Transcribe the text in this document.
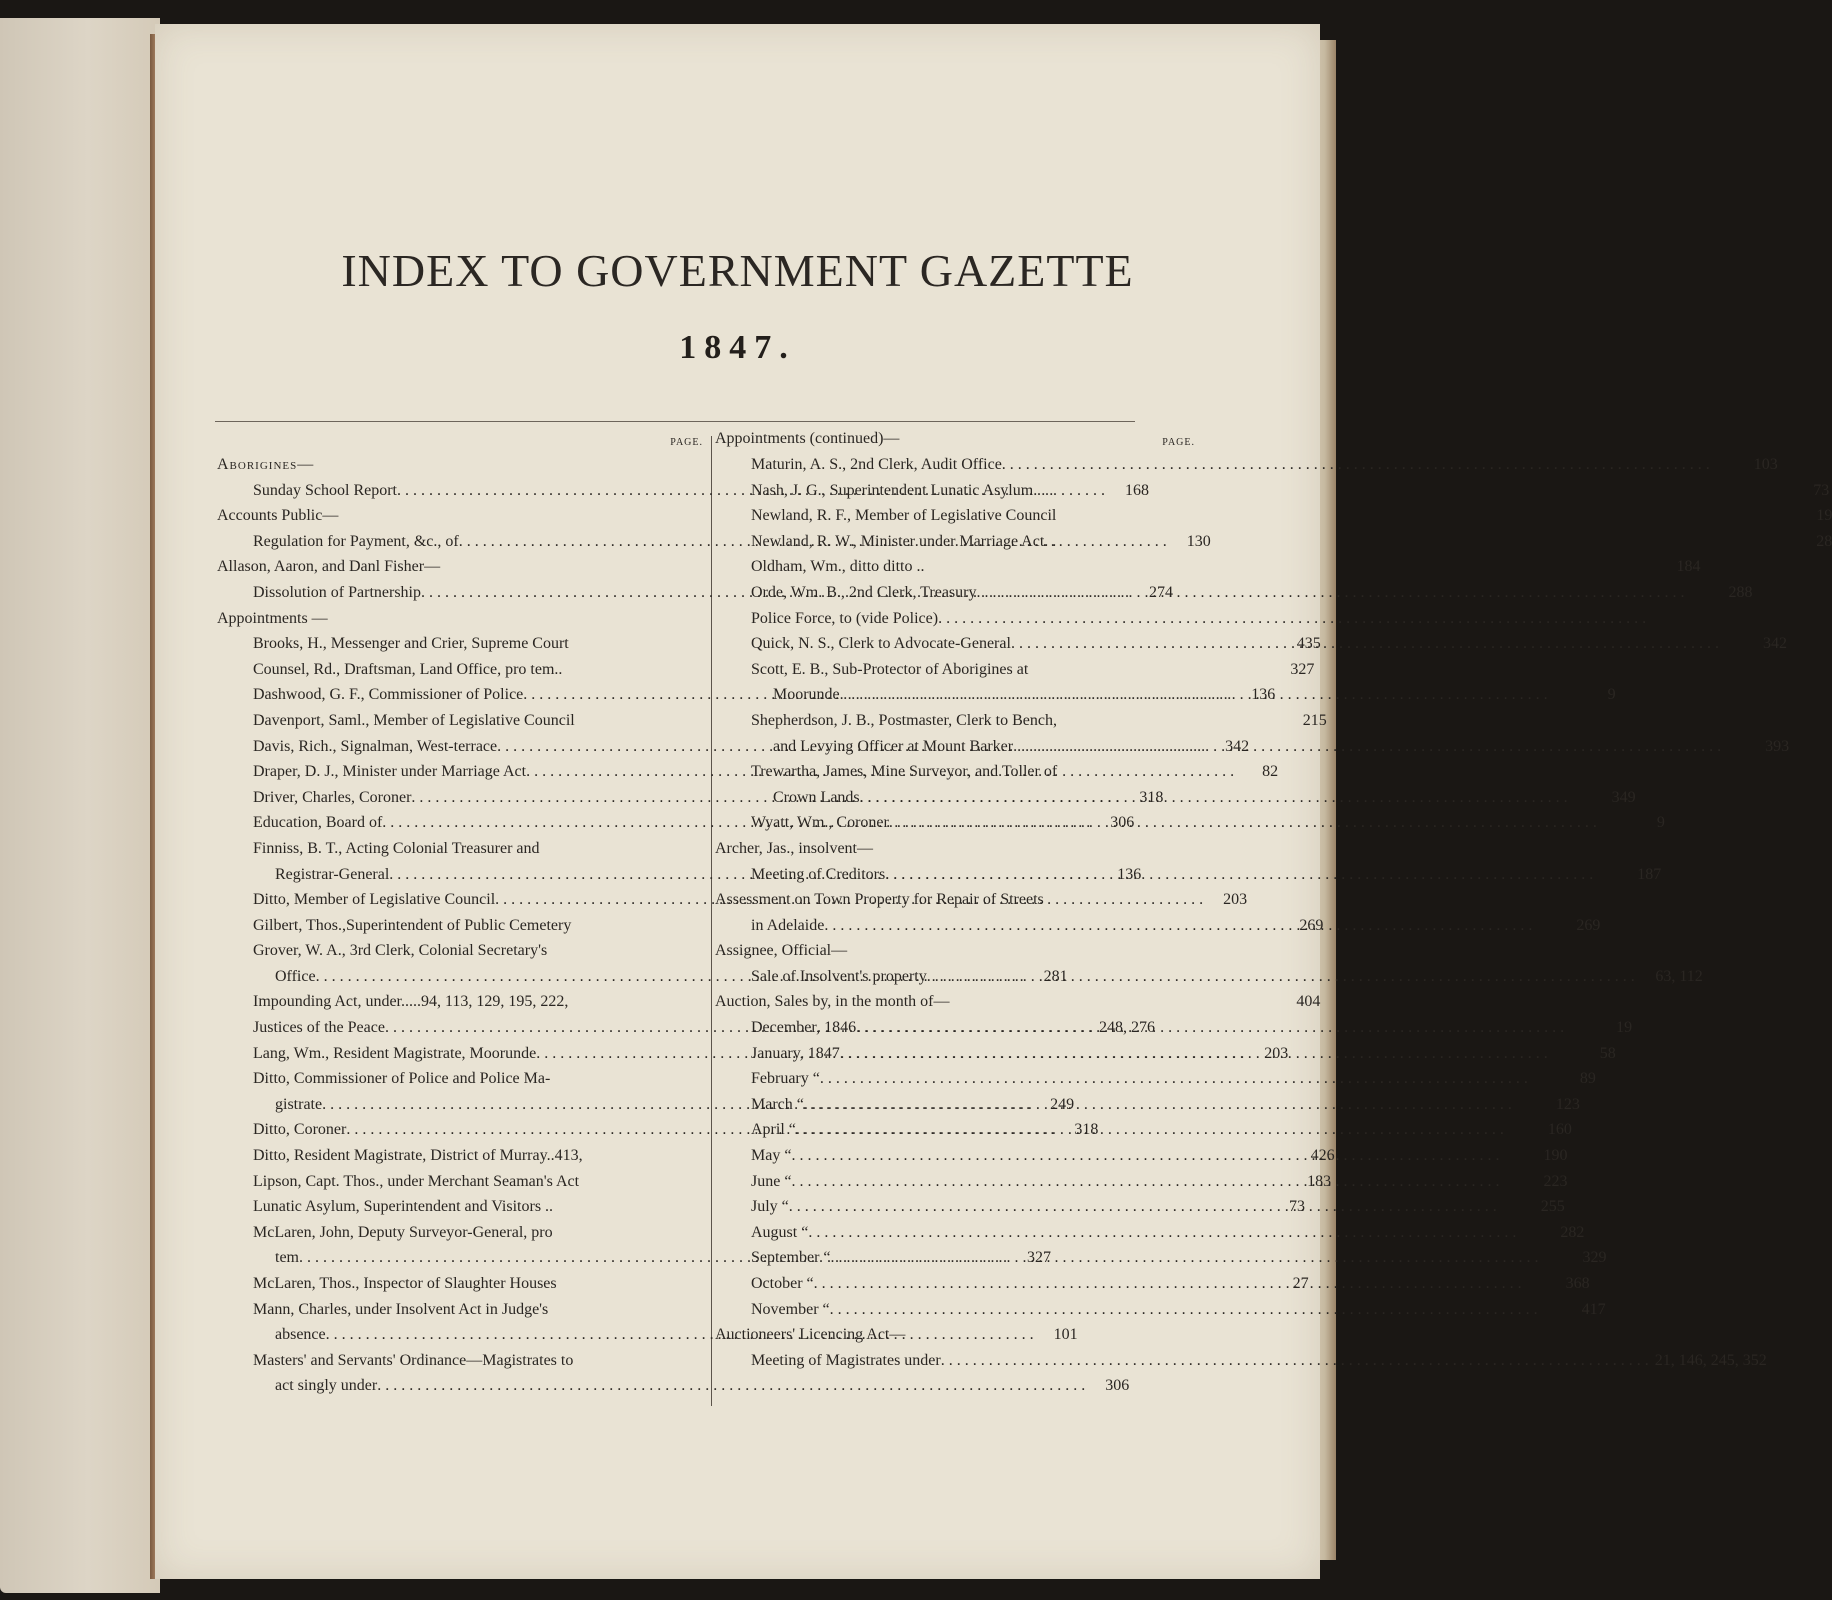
INDEX TO GOVERNMENT GAZETTE
1847.
PAGE.
Aborigines—
Sunday School Report . . .	168
Accounts Public—
Regulation for Payment, &c., of . . .	130
Allason, Aaron, and Danl Fisher—
Dissolution of Partnership . . .	274
Appointments —
Brooks, H., Messenger and Crier, Supreme Court	435
Counsel, Rd., Draftsman, Land Office, pro tem..	327
Dashwood, G. F., Commissioner of Police . . .	136
Davenport, Saml., Member of Legislative Council	215
Davis, Rich., Signalman, West-terrace . . .	342
Draper, D. J., Minister under Marriage Act . . .	82
Driver, Charles, Coroner . . .	318
Education, Board of . . .	306
Finniss, B. T., Acting Colonial Treasurer and
Registrar-General . . .	136
Ditto, Member of Legislative Council . . .	203
Gilbert, Thos.,Superintendent of Public Cemetery	269
Grover, W. A., 3rd Clerk, Colonial Secretary's
Office . . .	281
Impounding Act, under.....94, 113, 129, 195, 222,	404
Justices of the Peace . . .	248, 276
Lang, Wm., Resident Magistrate, Moorunde . . .	203
Ditto, Commissioner of Police and Police Ma-
gistrate . . .	249
Ditto, Coroner . . .	318
Ditto, Resident Magistrate, District of Murray..413,	426
Lipson, Capt. Thos., under Merchant Seaman's Act	183
Lunatic Asylum, Superintendent and Visitors ..	73
McLaren, John, Deputy Surveyor-General, pro
tem . . .	327
McLaren, Thos., Inspector of Slaughter Houses	27
Mann, Charles, under Insolvent Act in Judge's
absence . . .	101
Masters' and Servants' Ordinance—Magistrates to
act singly under . . .	306
Appointments (continued)—	PAGE.
Maturin, A. S., 2nd Clerk, Audit Office . . .	103
Nash, J. G., Superintendent Lunatic Asylum. . .	73
Newland, R. F., Member of Legislative Council	19
Newland, R. W., Minister under Marriage Act. .	28
Oldham, Wm., ditto ditto ..	184
Orde, Wm. B., 2nd Clerk, Treasury . . .	288
Police Force, to (vide Police)
. . .
Quick, N. S., Clerk to Advocate-General . . .	342
Scott, E. B., Sub-Protector of Aborigines at
Moorunde . . .	9
Shepherdson, J. B., Postmaster, Clerk to Bench,
and Levying Officer at Mount Barker . . .	393
Trewartha, James, Mine Surveyor, and Toller of
Crown Lands . . .	349
Wyatt, Wm., Coroner . . .	9
Archer, Jas., insolvent—
Meeting of Creditors . . .	187
Assessment on Town Property for Repair of Streets
in Adelaide . . .	269
Assignee, Official—
Sale of Insolvent's property . . .	63, 112
Auction, Sales by, in the month of—
December, 1846 . . .	19
January, 1847 . . .	58
February “ . . .	89
March “ . . .	123
April “ . . .	160
May “ . . .	190
June “ . . .	223
July “ . . .	255
August “ . . .	282
September “ . . .	329
October “ . . .	368
November “ . . .	417
Auctioneers' Licencing Act—
Meeting of Magistrates under . . .	21, 146, 245, 352
